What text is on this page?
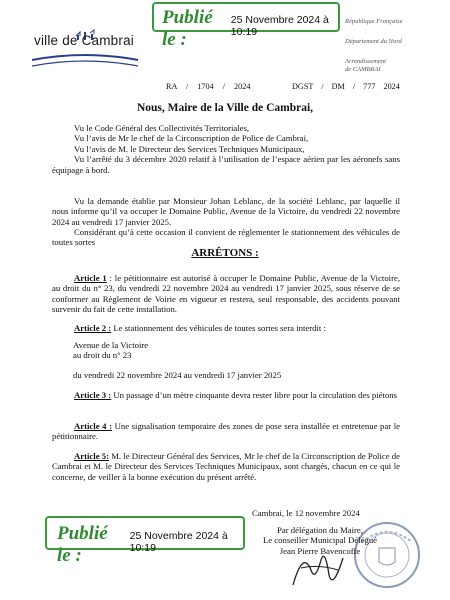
Publié le :
25 Novembre 2024 à 10:19
ville de Cambrai
République Française
Département du Nord
Arrondissement
de CAMBRAI
RA / 1704 / 2024	DGST / DM / 777 2024
Nous, Maire de la Ville de Cambrai,
Vu le Code Général des Collectivités Territoriales,
Vu l’avis de Mr le chef de la Circonscription de Police de Cambrai,
Vu l’avis de M. le Directeur des Services Techniques Municipaux,
Vu l’arrêté du 3 décembre 2020 relatif à l’utilisation de l’espace aérien par les aéronefs sans équipage à bord.
Vu la demande établie par Monsieur Johan Leblanc, de la société Leblanc, par laquelle il nous informe qu’il va occuper le Domaine Public, Avenue de la Victoire, du vendredi 22 novembre 2024 au vendredi 17 janvier 2025.
Considérant qu’à cette occasion il convient de réglementer le stationnement des véhicules de toutes sortes
ARRÊTONS :
Article 1 : le pétitionnaire est autorisé à occuper le Domaine Public, Avenue de la Victoire, au droit du n° 23, du vendredi 22 novembre 2024 au vendredi 17 janvier 2025, sous réserve de se conformer au Règlement de Voirie en vigueur et restera, seul responsable, des accidents pouvant survenir du fait de cette installation.
Article 2 : Le stationnement des véhicules de toutes sortes sera interdit :
Avenue de la Victoire
au droit du n° 23
du vendredi 22 novembre 2024 au vendredi 17 janvier 2025
Article 3 : Un passage d’un mètre cinquante devra rester libre pour la circulation des piétons
Article 4 : Une signalisation temporaire des zones de pose sera installée et entretenue par le pétitionnaire.
Article 5: M. le Directeur Général des Services, Mr le chef de la Circonscription de Police de Cambrai et M. le Directeur des Services Techniques Municipaux, sont chargés, chacun en ce qui le concerne, de veiller à la bonne exécution du présent arrêté.
Cambrai, le 12 novembre 2024
Par délégation du Maire,
Le conseiller Municipal Délégué
Jean Pierre Bavencoffe
Publié le :
25 Novembre 2024 à 10:19
